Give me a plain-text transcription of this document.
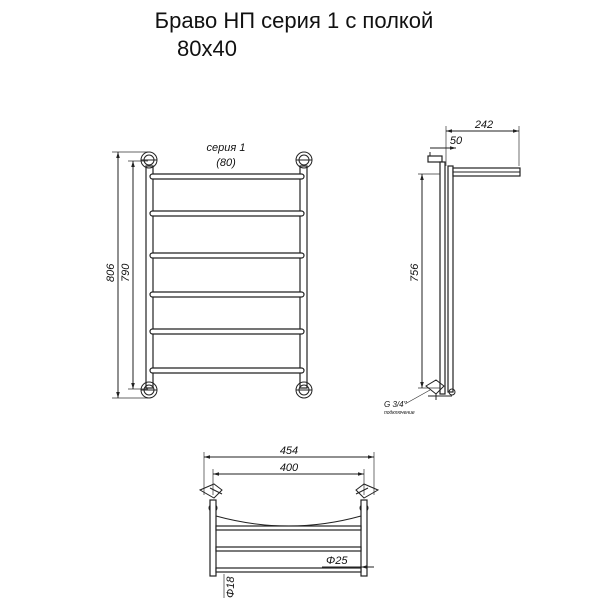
Браво НП серия 1 с полкой
80x40
806 790
серия 1
(80)
242
50
756
G 3/4"
подключение
454
400
Φ25
Φ18
